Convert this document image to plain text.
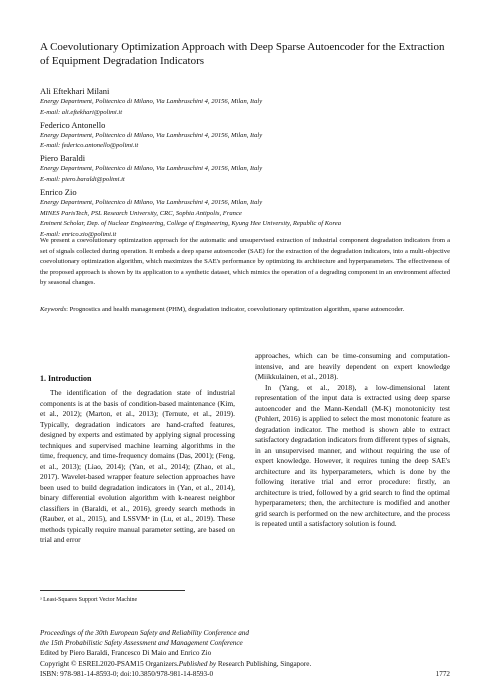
A Coevolutionary Optimization Approach with Deep Sparse Autoencoder for the Extraction of Equipment Degradation Indicators
Ali Eftekhari Milani
Energy Department, Politecnico di Milano, Via Lambruschini 4, 20156, Milan, Italy
E-mail: ali.eftekhari@polimi.it
Federico Antonello
Energy Department, Politecnico di Milano, Via Lambruschini 4, 20156, Milan, Italy
E-mail: federico.antonello@polimi.it
Piero Baraldi
Energy Department, Politecnico di Milano, Via Lambruschini 4, 20156, Milan, Italy
E-mail: piero.baraldi@polimi.it
Enrico Zio
Energy Department, Politecnico di Milano, Via Lambruschini 4, 20156, Milan, Italy
MINES ParisTech, PSL Research University, CRC, Sophia Antipolis, France
Eminent Scholar, Dep. of Nuclear Engineering, College of Engineering, Kyung Hee University, Republic of Korea
E-mail: enrico.zio@polimi.it
We present a coevolutionary optimization approach for the automatic and unsupervised extraction of industrial component degradation indicators from a set of signals collected during operation. It embeds a deep sparse autoencoder (SAE) for the extraction of the degradation indicators, into a multi-objective coevolutionary optimization algorithm, which maximizes the SAE's performance by optimizing its architecture and hyperparameters. The effectiveness of the proposed approach is shown by its application to a synthetic dataset, which mimics the operation of a degrading component in an environment affected by seasonal changes.
Keywords: Prognostics and health management (PHM), degradation indicator, coevolutionary optimization algorithm, sparse autoencoder.

1. Introduction

The identification of the degradation state of industrial components is at the basis of condition-based maintenance (Kim, et al., 2012); (Marton, et al., 2013); (Ternute, et al., 2019). Typically, degradation indicators are hand-crafted features, designed by experts and estimated by applying signal processing techniques and supervised machine learning algorithms in the time, frequency, and time-frequency domains (Das, 2001); (Feng, et al., 2013); (Liao, 2014); (Yan, et al., 2014); (Zhao, et al., 2017). Wavelet-based wrapper feature selection approaches have been used to build degradation indicators in (Yan, et al., 2014), binary differential evolution algorithm with k-nearest neighbor classifiers in (Baraldi, et al., 2016), greedy search methods in (Rauber, et al., 2015), and LSSVMᵃ in (Lu, et al., 2019). These methods typically require manual parameter setting, are based on trial and error

approaches, which can be time-consuming and computation-intensive, and are heavily dependent on expert knowledge (Miikkulainen, et al., 2018).

In (Yang, et al., 2018), a low-dimensional latent representation of the input data is extracted using deep sparse autoencoder and the Mann-Kendall (M-K) monotonicity test (Pohlert, 2016) is applied to select the most monotonic feature as degradation indicator. The method is shown able to extract satisfactory degradation indicators from different types of signals, in an unsupervised manner, and without requiring the use of expert knowledge. However, it requires tuning the deep SAE's architecture and its hyperparameters, which is done by the following iterative trial and error procedure: firstly, an architecture is tried, followed by a grid search to find the optimal hyperparameters; then, the architecture is modified and another grid search is performed on the new architecture, and the process is repeated until a satisfactory solution is found.

ᵃ Least-Squares Support Vector Machine
Proceedings of the 30th European Safety and Reliability Conference and
the 15th Probabilistic Safety Assessment and Management Conference
Edited by Piero Baraldi, Francesco Di Maio and Enrico Zio
Copyright © ESREL2020-PSAM15 Organizers.Published by Research Publishing, Singapore.
ISBN: 978-981-14-8593-0; doi:10.3850/978-981-14-8593-0	1772
